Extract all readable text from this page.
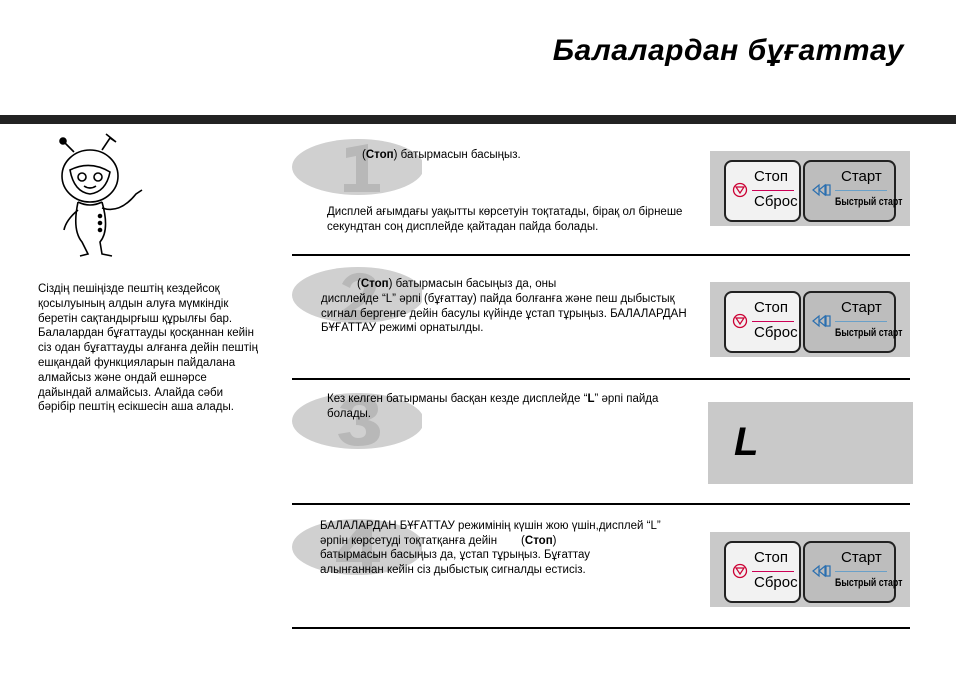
Балалардан бұғаттау
Сіздің пешіңізде пештің кездейсоқ қосылуының алдын алуға мүмкіндік беретін сақтандырғыш құрылғы бар. Балалардан бұғаттауды қосқаннан кейін сіз одан бұғаттауды алғанға дейін пештің ешқандай функцияларын пайдалана алмайсыз және ондай ешнәрсе дайындай алмайсыз. Алайда сәби бәрібір пештің есікшесін аша алады.
(Стоп) батырмасын басыңыз.
Дисплей ағымдағы уақытты көрсетуін тоқтатады, бірақ ол бірнеше секундтан соң дисплейде қайтадан пайда болады.
Стоп
Сброс
Старт
Быстрый старт
(Стоп) батырмасын басыңыз да, оны
дисплейде “L” әрпі (бұғаттау) пайда болғанға және пеш дыбыстық сигнал бергенге дейін басулы күйінде ұстап тұрыңыз. БАЛАЛАРДАН БҰҒАТТАУ режимі орнатылды.
Стоп
Сброс
Старт
Быстрый старт
Кез келген батырманы басқан кезде дисплейде “L” әрпі пайда болады.
L
БАЛАЛАРДАН БҰҒАТТАУ режимінің күшін жою үшін,дисплей “L”
әрпін көрсетуді тоқтатқанға дейін (Стоп)
батырмасын басыңыз да, ұстап тұрыңыз. Бұғаттау алынғаннан кейін сіз дыбыстық сигналды естисіз.
Стоп
Сброс
Старт
Быстрый старт
